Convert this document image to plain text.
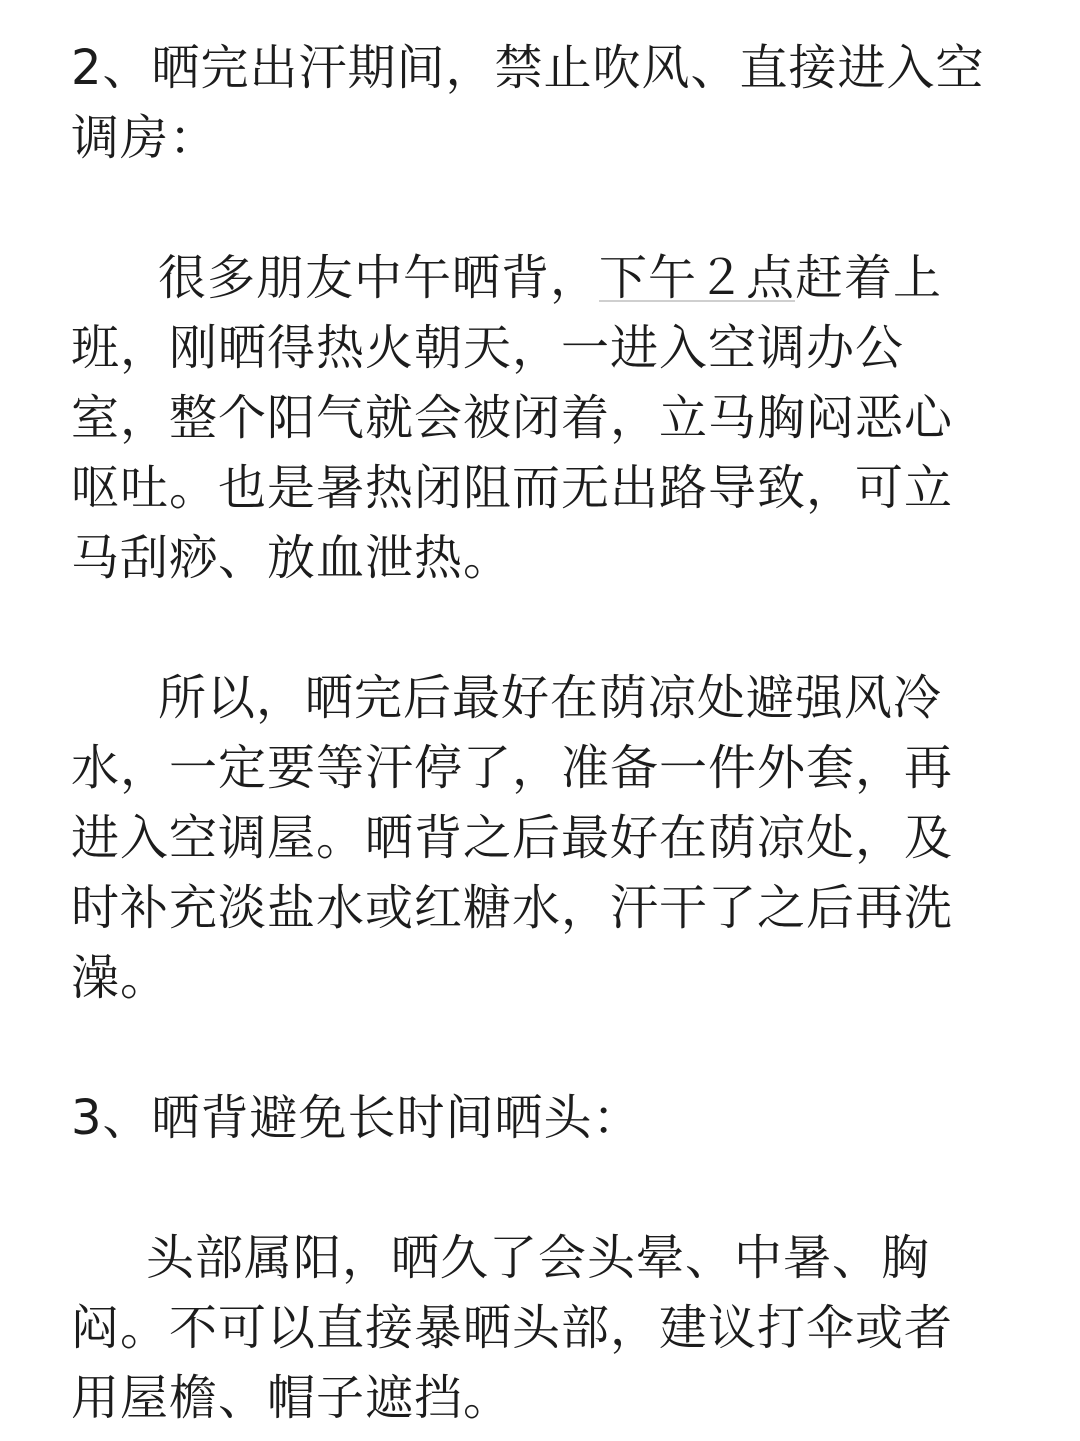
2、晒完出汗期间，禁止吹风、直接进入空

调房：

很多朋友中午晒背，下午２点赶着上

班，刚晒得热火朝天，一进入空调办公

室，整个阳气就会被闭着，立马胸闷恶心

呕吐。也是暑热闭阻而无出路导致，可立

马刮痧、放血泄热。

所以，晒完后最好在荫凉处避强风冷

水，一定要等汗停了，准备一件外套，再

进入空调屋。晒背之后最好在荫凉处，及

时补充淡盐水或红糖水，汗干了之后再洗

澡。

3、晒背避免长时间晒头：

头部属阳，晒久了会头晕、中暑、胸

闷。不可以直接暴晒头部，建议打伞或者

用屋檐、帽子遮挡。
